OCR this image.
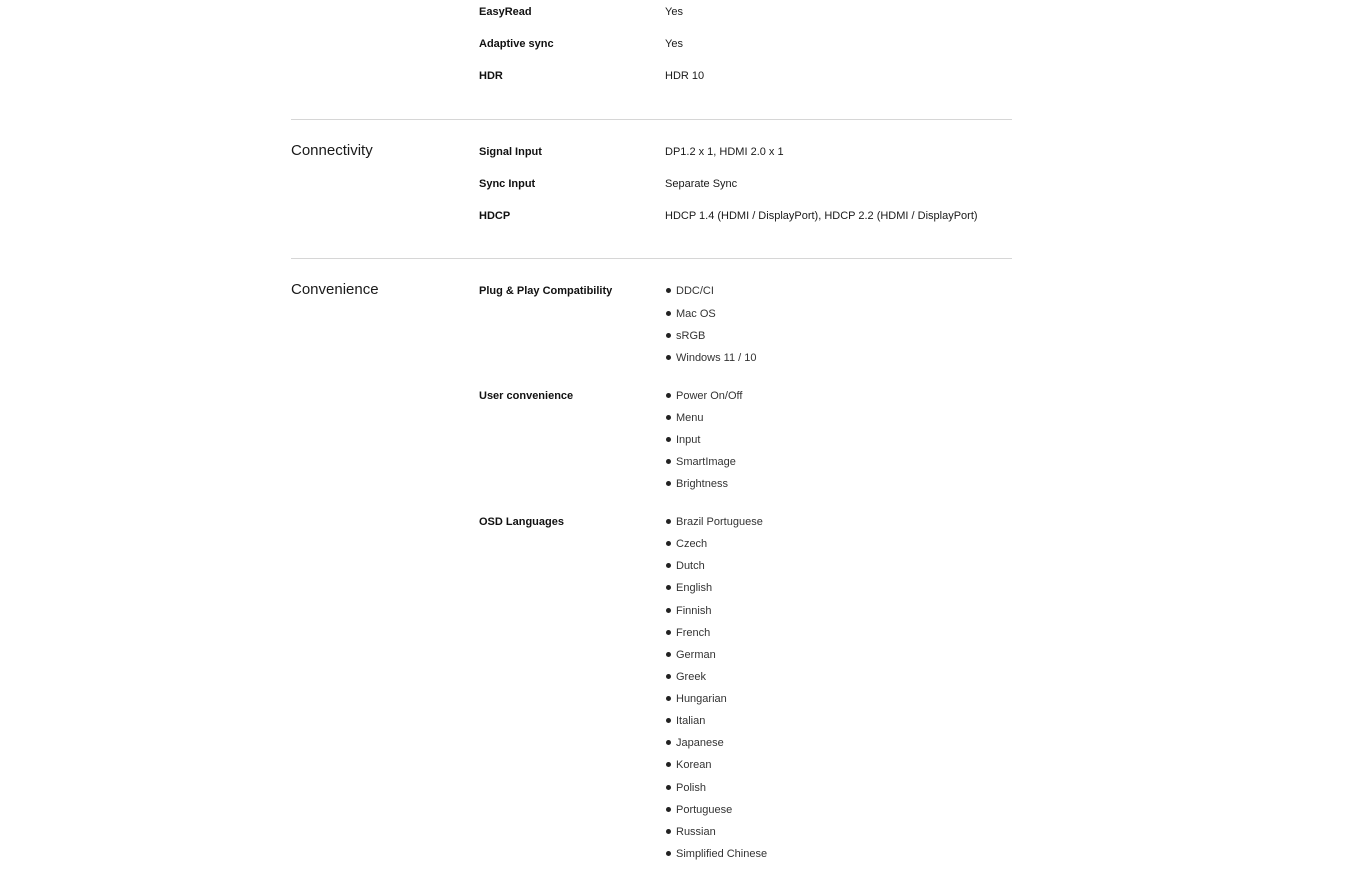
EasyRead	Yes
Adaptive sync	Yes
HDR	HDR 10
Connectivity	Signal Input	DP1.2 x 1, HDMI 2.0 x 1
Sync Input	Separate Sync
HDCP	HDCP 1.4 (HDMI / DisplayPort), HDCP 2.2 (HDMI / DisplayPort)
Convenience	Plug & Play Compatibility	DDC/CI
Mac OS
sRGB
Windows 11 / 10
User convenience	Power On/Off
Menu
Input
SmartImage
Brightness
OSD Languages	Brazil Portuguese
Czech
Dutch
English
Finnish
French
German
Greek
Hungarian
Italian
Japanese
Korean
Polish
Portuguese
Russian
Simplified Chinese
